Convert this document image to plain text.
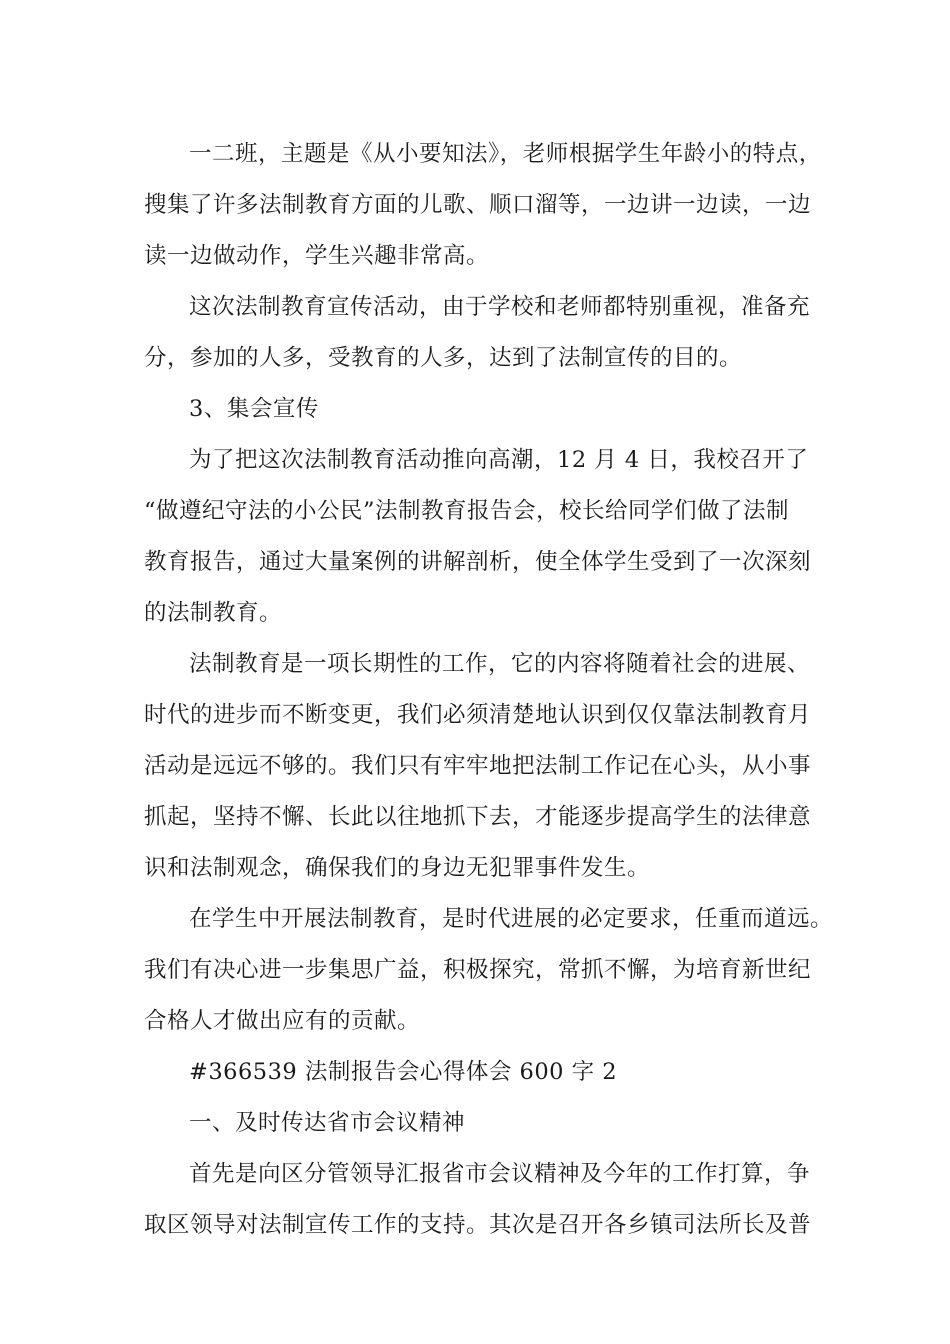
一二班，主题是《从小要知法》，老师根据学生年龄小的特点，
搜集了许多法制教育方面的儿歌、顺口溜等，一边讲一边读，一边
读一边做动作，学生兴趣非常高。
这次法制教育宣传活动，由于学校和老师都特别重视，准备充
分，参加的人多，受教育的人多，达到了法制宣传的目的。
3、集会宣传
为了把这次法制教育活动推向高潮，12 月 4 日，我校召开了
“做遵纪守法的小公民”法制教育报告会，校长给同学们做了法制
教育报告，通过大量案例的讲解剖析，使全体学生受到了一次深刻
的法制教育。
法制教育是一项长期性的工作，它的内容将随着社会的进展、
时代的进步而不断变更，我们必须清楚地认识到仅仅靠法制教育月
活动是远远不够的。我们只有牢牢地把法制工作记在心头，从小事
抓起，坚持不懈、长此以往地抓下去，才能逐步提高学生的法律意
识和法制观念，确保我们的身边无犯罪事件发生。
在学生中开展法制教育，是时代进展的必定要求，任重而道远。
我们有决心进一步集思广益，积极探究，常抓不懈，为培育新世纪
合格人才做出应有的贡献。
#366539 法制报告会心得体会 600 字 2
一、及时传达省市会议精神
首先是向区分管领导汇报省市会议精神及今年的工作打算，争
取区领导对法制宣传工作的支持。其次是召开各乡镇司法所长及普
